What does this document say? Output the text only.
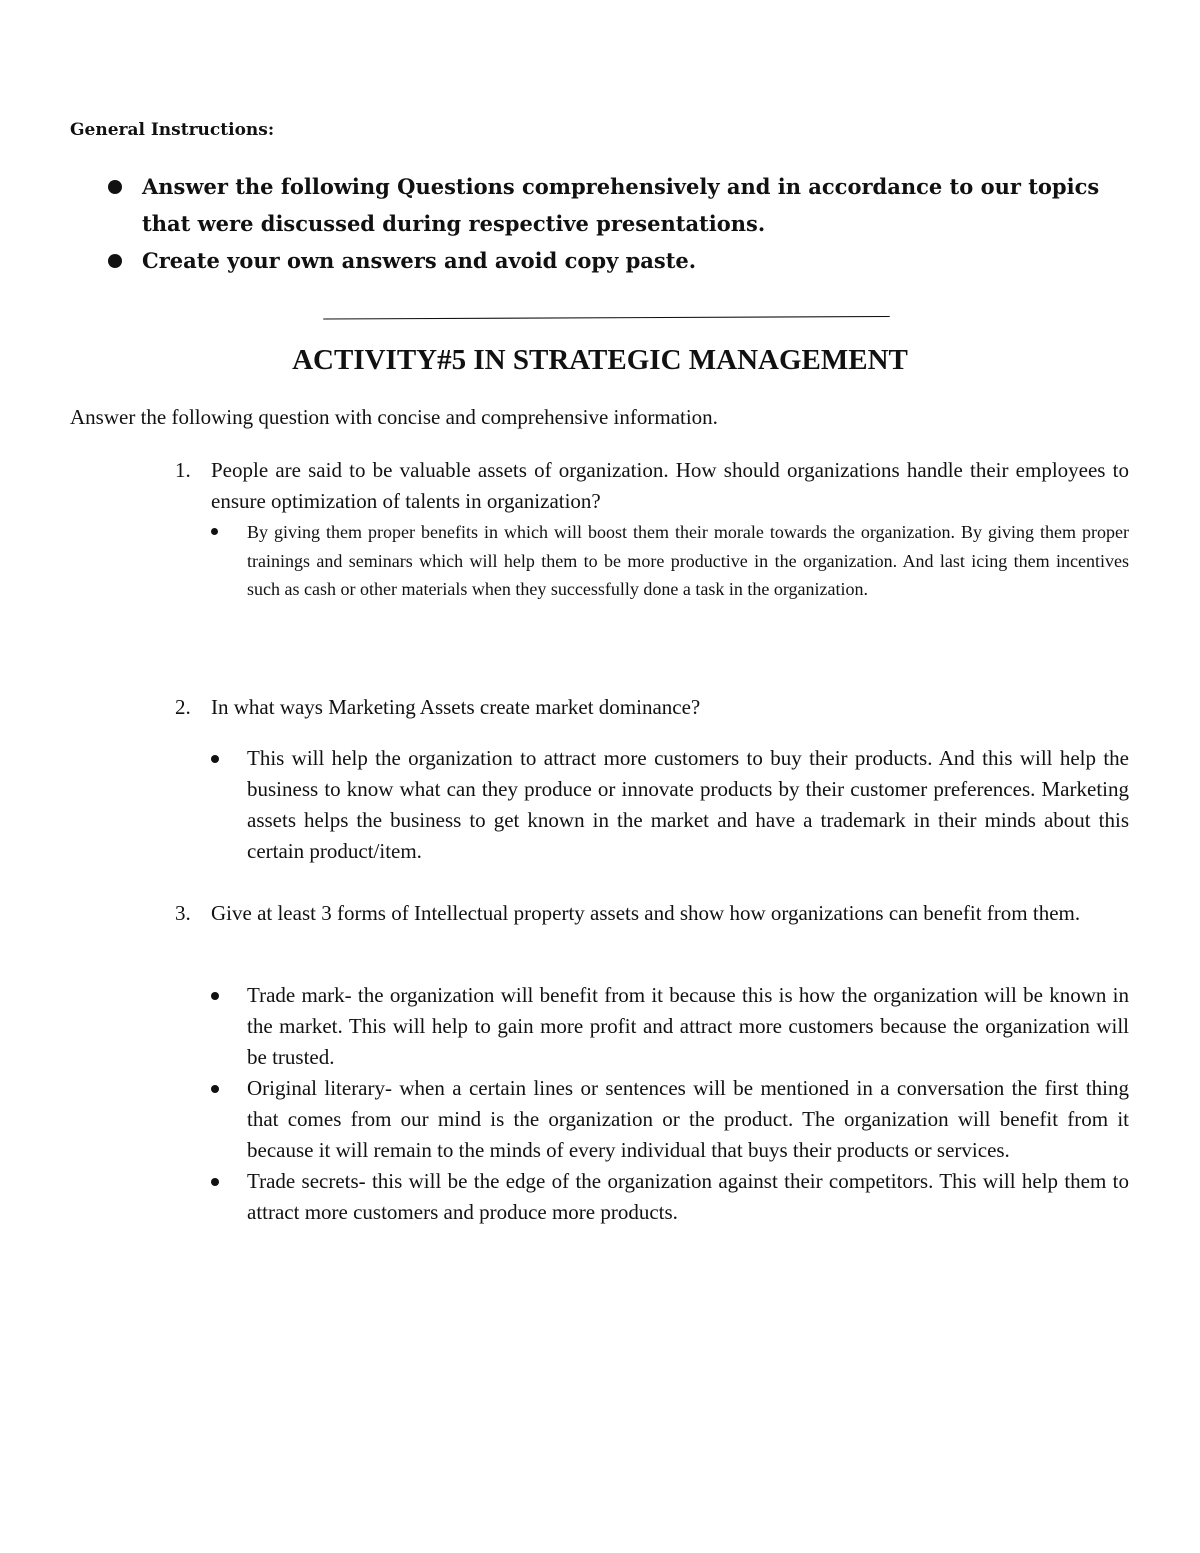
General Instructions:
Answer the following Questions comprehensively and in accordance to our topics that were discussed during respective presentations.
Create your own answers and avoid copy paste.
ACTIVITY#5 IN STRATEGIC MANAGEMENT
Answer the following question with concise and comprehensive information.
1. People are said to be valuable assets of organization. How should organizations handle their employees to ensure optimization of talents in organization?
By giving them proper benefits in which will boost them their morale towards the organization. By giving them proper trainings and seminars which will help them to be more productive in the organization. And last icing them incentives such as cash or other materials when they successfully done a task in the organization.
2. In what ways Marketing Assets create market dominance?
This will help the organization to attract more customers to buy their products. And this will help the business to know what can they produce or innovate products by their customer preferences. Marketing assets helps the business to get known in the market and have a trademark in their minds about this certain product/item.
3. Give at least 3 forms of Intellectual property assets and show how organizations can benefit from them.
Trade mark- the organization will benefit from it because this is how the organization will be known in the market. This will help to gain more profit and attract more customers because the organization will be trusted.
Original literary- when a certain lines or sentences will be mentioned in a conversation the first thing that comes from our mind is the organization or the product. The organization will benefit from it because it will remain to the minds of every individual that buys their products or services.
Trade secrets- this will be the edge of the organization against their competitors. This will help them to attract more customers and produce more products.
